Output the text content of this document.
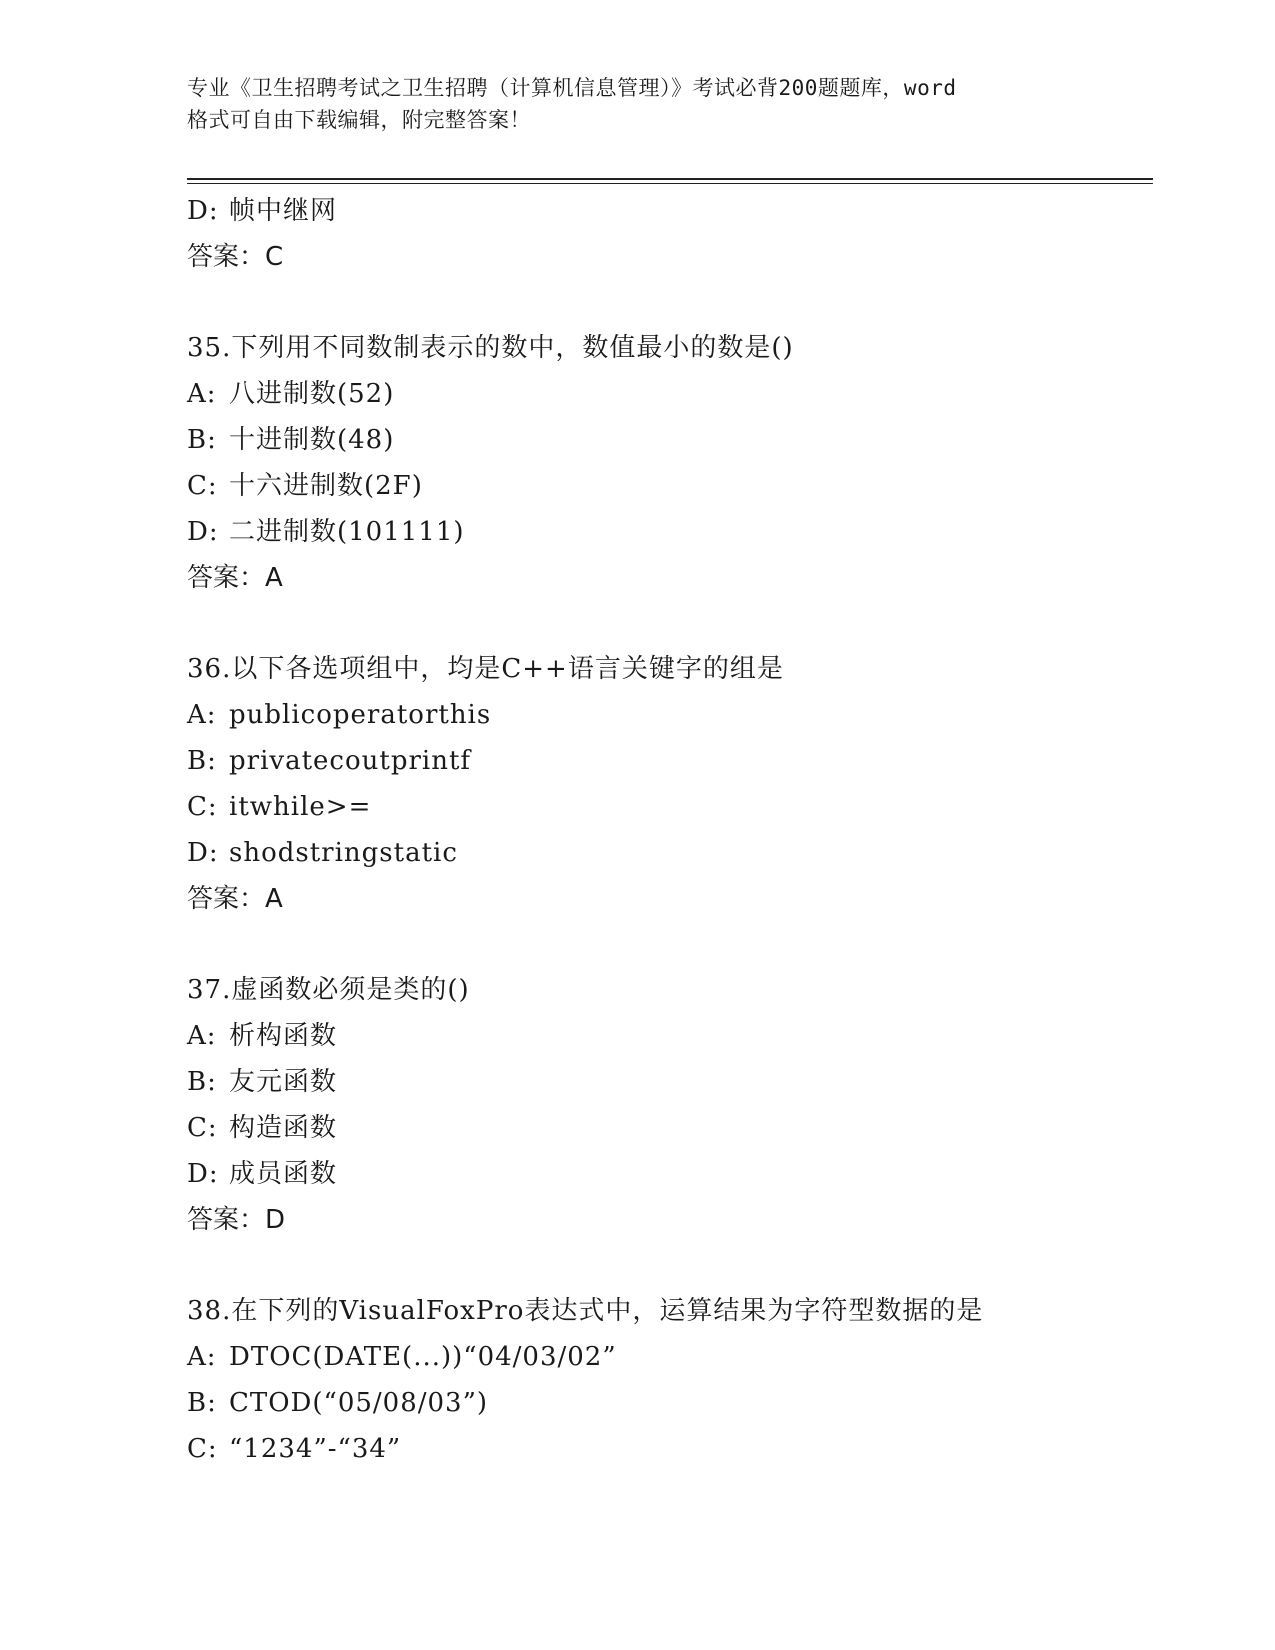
专业《卫生招聘考试之卫生招聘（计算机信息管理）》考试必背200题题库，word
格式可自由下载编辑，附完整答案！
D: 帧中继网
答案：C
35.下列用不同数制表示的数中，数值最小的数是()
A: 八进制数(52)
B: 十进制数(48)
C: 十六进制数(2F)
D: 二进制数(101111)
答案：A
36.以下各选项组中，均是C++语言关键字的组是
A: publicoperatorthis
B: privatecoutprintf
C: itwhile>=
D: shodstringstatic
答案：A
37.虚函数必须是类的()
A: 析构函数
B: 友元函数
C: 构造函数
D: 成员函数
答案：D
38.在下列的VisualFoxPro表达式中，运算结果为字符型数据的是
A: DTOC(DATE(...))“04/03/02”
B: CTOD(“05/08/03”)
C: “1234”-“34”
